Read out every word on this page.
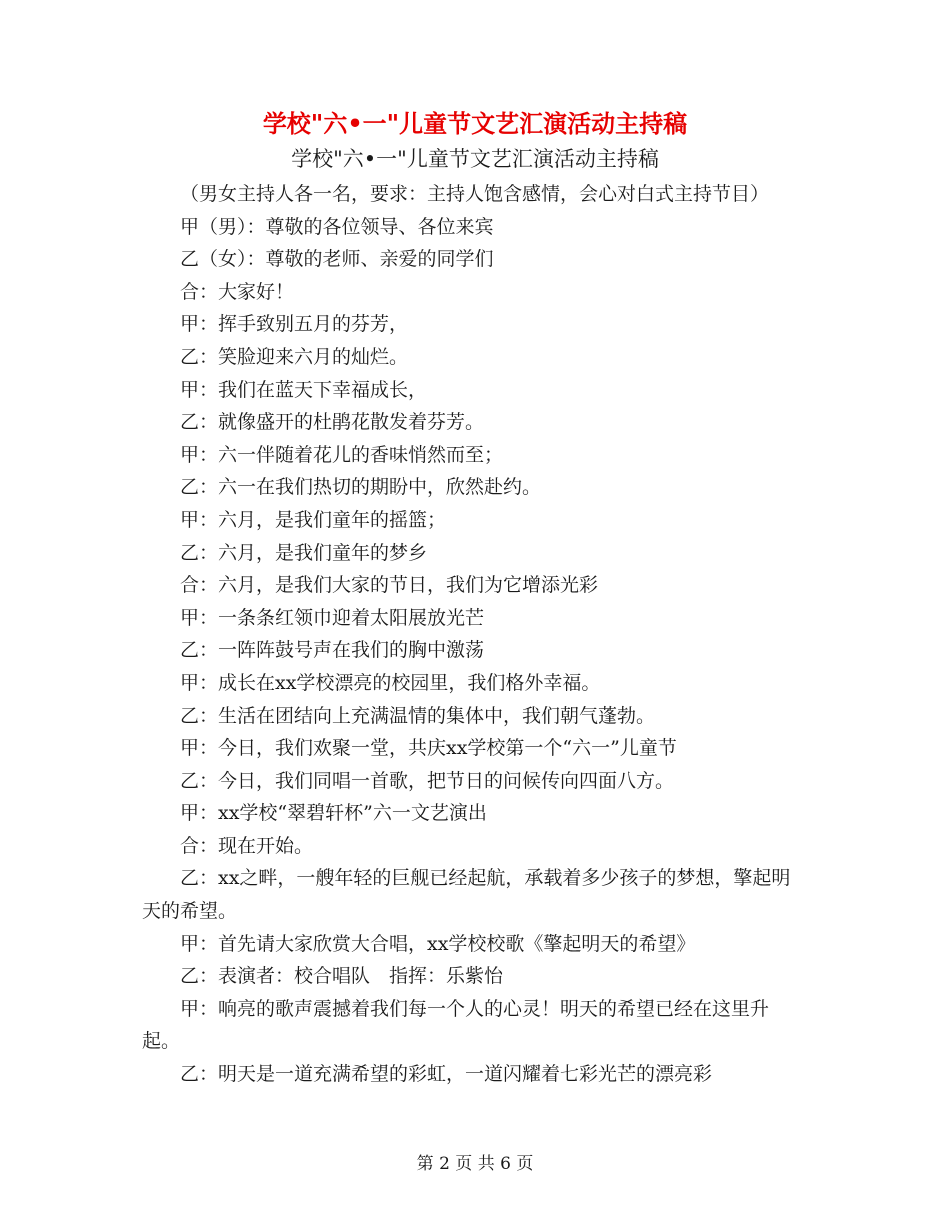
学校"六•一"儿童节文艺汇演活动主持稿
学校"六•一"儿童节文艺汇演活动主持稿

（男女主持人各一名，要求：主持人饱含感情，会心对白式主持节目）

甲（男）：尊敬的各位领导、各位来宾

乙（女）：尊敬的老师、亲爱的同学们

合：大家好！

甲：挥手致别五月的芬芳，

乙：笑脸迎来六月的灿烂。

甲：我们在蓝天下幸福成长，

乙：就像盛开的杜鹃花散发着芬芳。

甲：六一伴随着花儿的香味悄然而至；

乙：六一在我们热切的期盼中，欣然赴约。

甲：六月，是我们童年的摇篮；

乙：六月，是我们童年的梦乡

合：六月，是我们大家的节日，我们为它增添光彩

甲：一条条红领巾迎着太阳展放光芒

乙：一阵阵鼓号声在我们的胸中激荡

甲：成长在xx学校漂亮的校园里，我们格外幸福。

乙：生活在团结向上充满温情的集体中，我们朝气蓬勃。

甲：今日，我们欢聚一堂，共庆xx学校第一个“六一”儿童节

乙：今日，我们同唱一首歌，把节日的问候传向四面八方。

甲：xx学校“翠碧轩杯”六一文艺演出

合：现在开始。

乙：xx之畔，一艘年轻的巨舰已经起航，承载着多少孩子的梦想，擎起明天的希望。

甲：首先请大家欣赏大合唱，xx学校校歌《擎起明天的希望》

乙：表演者：校合唱队　指挥：乐紫怡

甲：响亮的歌声震撼着我们每一个人的心灵！明天的希望已经在这里升起。

乙：明天是一道充满希望的彩虹，一道闪耀着七彩光芒的漂亮彩

第 2 页 共 6 页
